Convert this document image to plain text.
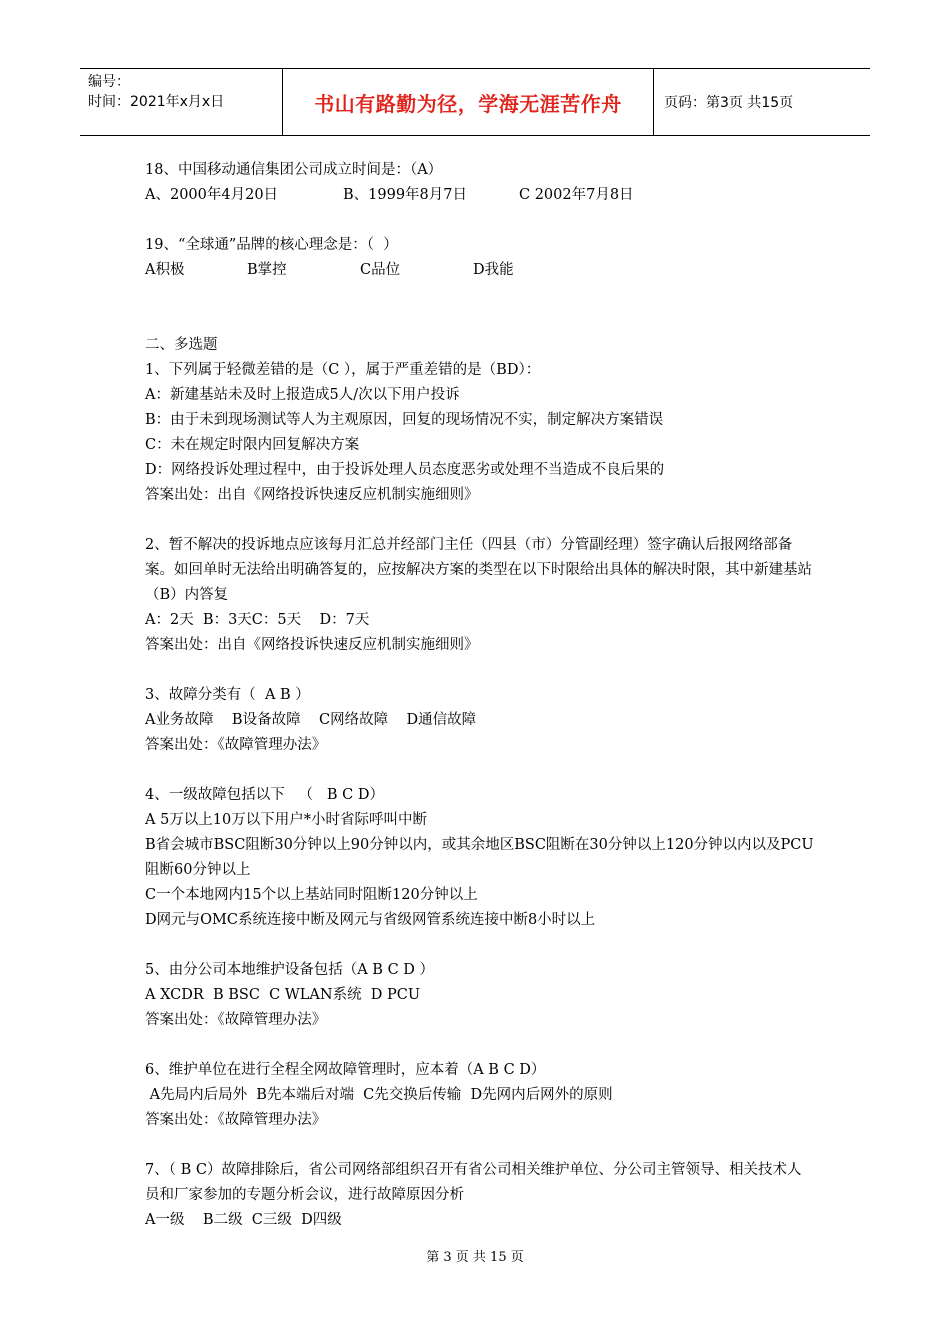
编号：
时间：2021年x月x日	书山有路勤为径，学海无涯苦作舟	页码：第3页 共15页
18、中国移动通信集团公司成立时间是：（A）
A、2000年4月20日	B、1999年8月7日	C 2002年7月8日
19、“全球通”品牌的核心理念是：（  ）
A积极	B掌控	C品位	D我能
二、多选题
1、下列属于轻微差错的是（C ），属于严重差错的是（BD）：
A：新建基站未及时上报造成5人/次以下用户投诉
B：由于未到现场测试等人为主观原因，回复的现场情况不实，制定解决方案错误
C：未在规定时限内回复解决方案
D：网络投诉处理过程中，由于投诉处理人员态度恶劣或处理不当造成不良后果的
答案出处：出自《网络投诉快速反应机制实施细则》
2、暂不解决的投诉地点应该每月汇总并经部门主任（四县（市）分管副经理）签字确认后报网络部备案。如回单时无法给出明确答复的，应按解决方案的类型在以下时限给出具体的解决时限，其中新建基站（B）内答复
A：2天  B：3天C：5天    D：7天
答案出处：出自《网络投诉快速反应机制实施细则》
3、故障分类有（  A B ）
A业务故障    B设备故障    C网络故障    D通信故障
答案出处：《故障管理办法》
4、一级故障包括以下   （   B C D）
A 5万以上10万以下用户*小时省际呼叫中断
B省会城市BSC阻断30分钟以上90分钟以内，或其余地区BSC阻断在30分钟以上120分钟以内以及PCU阻断60分钟以上
C一个本地网内15个以上基站同时阻断120分钟以上
D网元与OMC系统连接中断及网元与省级网管系统连接中断8小时以上
5、由分公司本地维护设备包括（A B C D ）
A XCDR  B BSC  C WLAN系统  D PCU
答案出处：《故障管理办法》
6、维护单位在进行全程全网故障管理时，应本着（A B C D）
A先局内后局外  B先本端后对端  C先交换后传输  D先网内后网外的原则
答案出处：《故障管理办法》
7、（ B C）故障排除后，省公司网络部组织召开有省公司相关维护单位、分公司主管领导、相关技术人员和厂家参加的专题分析会议，进行故障原因分析
A一级    B二级  C三级  D四级
第 3 页 共 15 页
